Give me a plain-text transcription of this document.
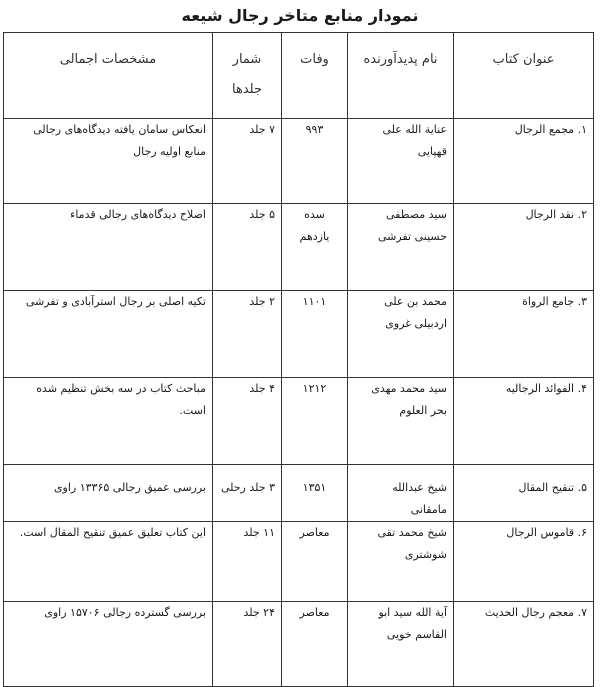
نمودار منابع متاخر رجال شیعه
عنوان کتاب	نام پدیدآورنده	وفات	شمار جلدها	مشخصات اجمالی
۱. مجمع الرجال	عنایة الله علی قهپایی	۹۹۳	۷ جلد	انعکاس سامان یافته دیدگاه‌های رجالی منابع اولیه رجال
۲. نقد الرجال	سید مصطفی حسینی تفرشی	سده یازدهم	۵ جلد	اصلاح دیدگاه‌های رجالی قدماء
۳. جامع الرواة	محمد بن علی اردبیلی غروی	۱۱۰۱	۲ جلد	تکیه اصلی بر رجال استرآبادی و تفرشی
۴. الفوائد الرجالیه	سید محمد مهدی بحر العلوم	۱۲۱۲	۴ جلد	مباحث کتاب در سه بخش تنظیم شده است.
۵. تنقیح المقال	شیخ عبدالله مامقانی	۱۳۵۱	۳ جلد رحلی	بررسی عمیق رجالی ۱۳۳۶۵ راوی
۶. قاموس الرجال	شیخ محمد تقی شوشتری	معاصر	۱۱ جلد	این کتاب تعلیق عمیق تنقیح المقال است.
۷. معجم رجال الحدیث	آیة الله سید ابو القاسم خویی	معاصر	۲۴ جلد	بررسی گسترده رجالی ۱۵۷۰۶ راوی
